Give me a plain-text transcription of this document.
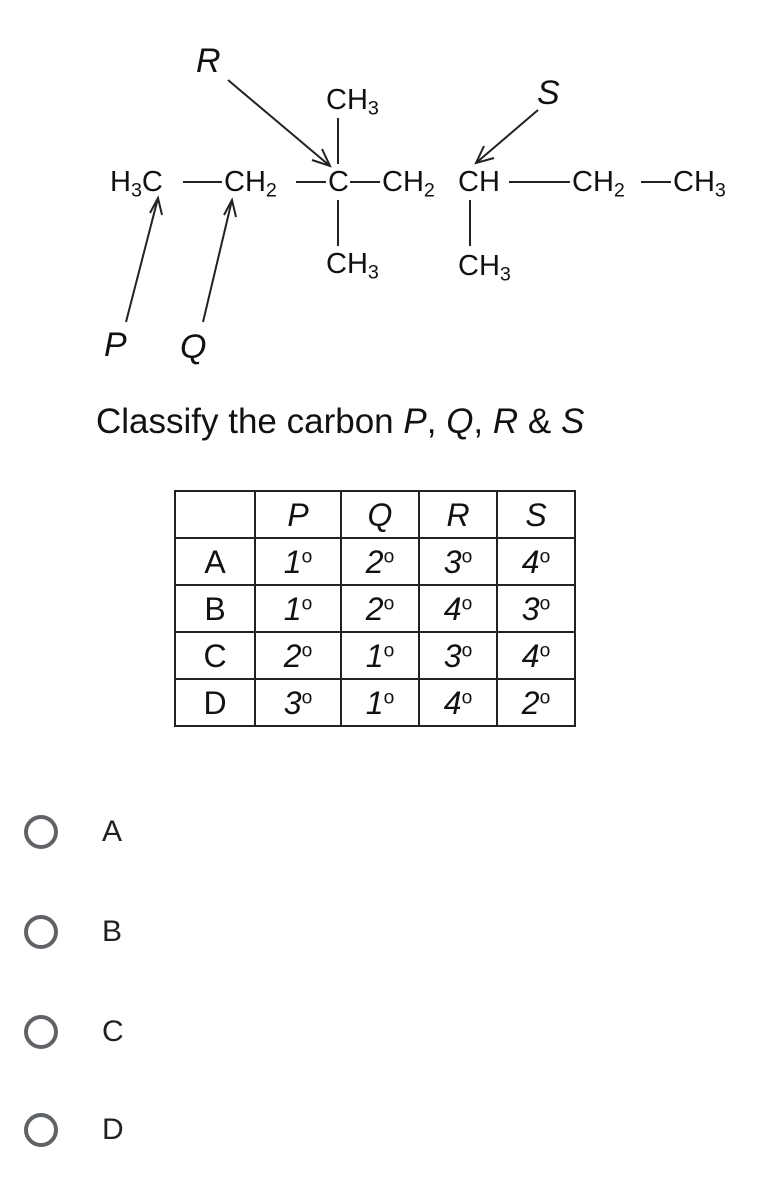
R
S
P Q
$CH_3$
$CH_3$	$CH_3$
$H_3C$ $CH_2$ C $CH_2$ CH $CH_2$ $CH_3$
Classify the carbon P, Q, R & S
	P	Q	R	S
A	1$^o$	2$^o$	3$^o$	4$^o$
B	1$^o$	2$^o$	4$^o$	3$^o$
C	2$^o$	1$^o$	3$^o$	4$^o$
D	3$^o$	1$^o$	4$^o$	2$^o$
A
B
C
D
